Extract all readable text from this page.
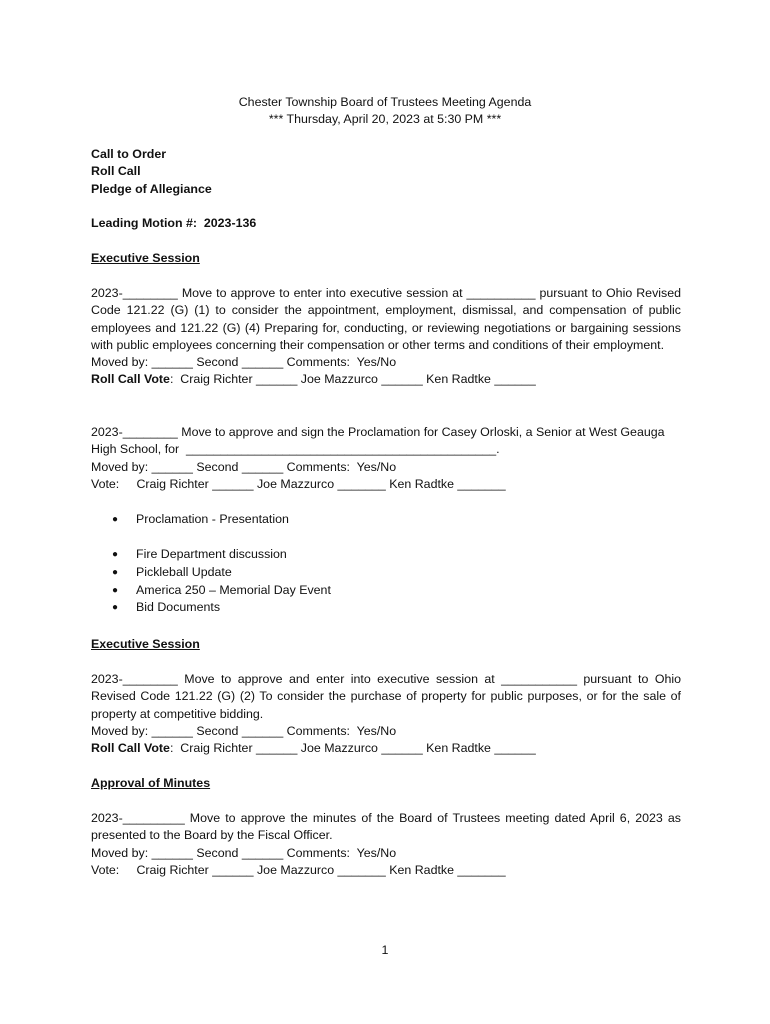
Chester Township Board of Trustees Meeting Agenda
*** Thursday, April 20, 2023 at 5:30 PM ***
Call to Order
Roll Call
Pledge of Allegiance
Leading Motion #:  2023-136
Executive Session
2023-________ Move to approve to enter into executive session at __________ pursuant to Ohio Revised Code 121.22 (G) (1) to consider the appointment, employment, dismissal, and compensation of public employees and 121.22 (G) (4) Preparing for, conducting, or reviewing negotiations or bargaining sessions with public employees concerning their compensation or other terms and conditions of their employment.
Moved by: ______ Second ______ Comments:  Yes/No
Roll Call Vote:  Craig Richter ______ Joe Mazzurco ______ Ken Radtke ______
2023-________ Move to approve and sign the Proclamation for Casey Orloski, a Senior at West Geauga
High School, for  _____________________________________________.
Moved by: ______ Second ______ Comments:  Yes/No
Vote:     Craig Richter ______ Joe Mazzurco _______ Ken Radtke _______
● Proclamation - Presentation
● Fire Department discussion
● Pickleball Update
● America 250 – Memorial Day Event
● Bid Documents
Executive Session
2023-________ Move to approve and enter into executive session at ___________ pursuant to Ohio Revised Code 121.22 (G) (2) To consider the purchase of property for public purposes, or for the sale of property at competitive bidding.
Moved by: ______ Second ______ Comments:  Yes/No
Roll Call Vote:  Craig Richter ______ Joe Mazzurco ______ Ken Radtke ______
Approval of Minutes
2023-_________ Move to approve the minutes of the Board of Trustees meeting dated April 6, 2023 as presented to the Board by the Fiscal Officer.
Moved by: ______ Second ______ Comments:  Yes/No
Vote:     Craig Richter ______ Joe Mazzurco _______ Ken Radtke _______
1
